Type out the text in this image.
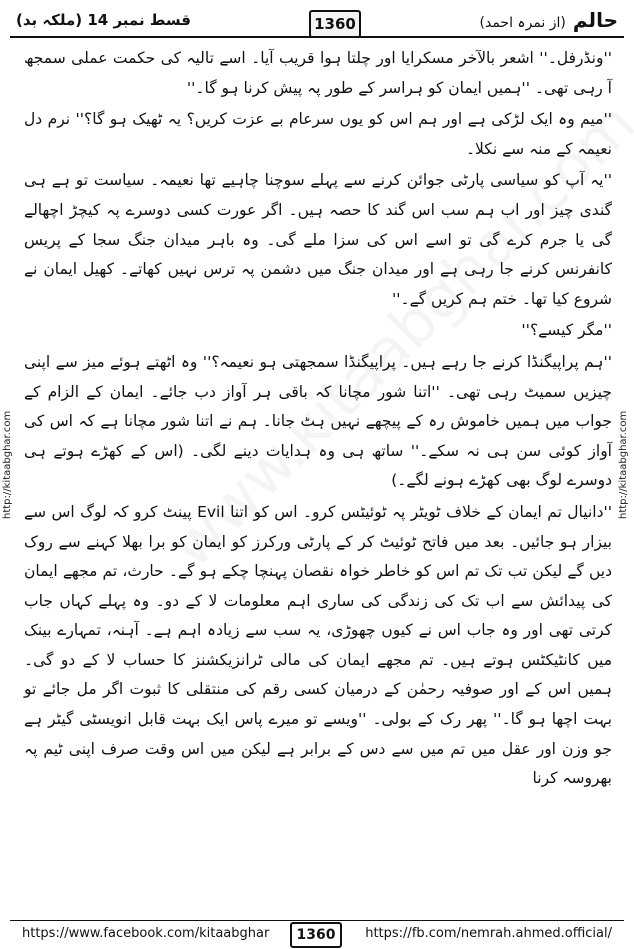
قسط نمبر 14 (ملکہ بد)	1360	حالم (از نمرہ احمد)
http://kitaabghar.com	http://kitaabghar.com

''ونڈرفل۔'' اشعر بالآخر مسکرایا اور چلتا ہوا قریب آیا۔ اسے تالیہ کی حکمت عملی سمجھ آ رہی تھی۔ ''ہمیں ایمان کو ہراسر کے طور پہ پیش کرنا ہو گا۔''

''میم وہ ایک لڑکی ہے اور ہم اس کو یوں سرعام بے عزت کریں؟ یہ ٹھیک ہو گا؟'' نرم دل نعیمہ کے منہ سے نکلا۔

''یہ آپ کو سیاسی پارٹی جوائن کرنے سے پہلے سوچنا چاہیے تھا نعیمہ۔ سیاست تو ہے ہی گندی چیز اور اب ہم سب اس گند کا حصہ ہیں۔ اگر عورت کسی دوسرے پہ کیچڑ اچھالے گی یا جرم کرے گی تو اسے اس کی سزا ملے گی۔ وہ باہر میدان جنگ سجا کے پریس کانفرنس کرنے جا رہی ہے اور میدان جنگ میں دشمن پہ ترس نہیں کھاتے۔ کھیل ایمان نے شروع کیا تھا۔ ختم ہم کریں گے۔''

''مگر کیسے؟''

''ہم پراپیگنڈا کرنے جا رہے ہیں۔ پراپیگنڈا سمجھتی ہو نعیمہ؟'' وہ اٹھتے ہوئے میز سے اپنی چیزیں سمیٹ رہی تھی۔ ''اتنا شور مچانا کہ باقی ہر آواز دب جائے۔ ایمان کے الزام کے جواب میں ہمیں خاموش رہ کے پیچھے نہیں ہٹ جانا۔ ہم نے اتنا شور مچانا ہے کہ اس کی آواز کوئی سن ہی نہ سکے۔'' ساتھ ہی وہ ہدایات دینے لگی۔ (اس کے کھڑے ہوتے ہی دوسرے لوگ بھی کھڑے ہونے لگے۔)

''دانیال تم ایمان کے خلاف ٹویٹر پہ ٹوئیٹس کرو۔ اس کو اتنا Evil پینٹ کرو کہ لوگ اس سے بیزار ہو جائیں۔ بعد میں فاتح ٹوئیٹ کر کے پارٹی ورکرز کو ایمان کو برا بھلا کہنے سے روک دیں گے لیکن تب تک تم اس کو خاطر خواہ نقصان پہنچا چکے ہو گے۔ حارث، تم مجھے ایمان کی پیدائش سے اب تک کی زندگی کی ساری اہم معلومات لا کے دو۔ وہ پہلے کہاں جاب کرتی تھی اور وہ جاب اس نے کیوں چھوڑی، یہ سب سے زیادہ اہم ہے۔ آہنہ، تمہارے بینک میں کانٹیکٹس ہوتے ہیں۔ تم مجھے ایمان کی مالی ٹرانزیکشنز کا حساب لا کے دو گی۔ ہمیں اس کے اور صوفیہ رحمٰن کے درمیان کسی رقم کی منتقلی کا ثبوت اگر مل جائے تو بہت اچھا ہو گا۔'' پھر رک کے بولی۔ ''ویسے تو میرے پاس ایک بہت قابل انویسٹی گیٹر ہے جو وزن اور عقل میں تم میں سے دس کے برابر ہے لیکن میں اس وقت صرف اپنی ٹیم پہ بھروسہ کرنا

https://www.facebook.com/kitaabghar	1360	https://fb.com/nemrah.ahmed.official/
